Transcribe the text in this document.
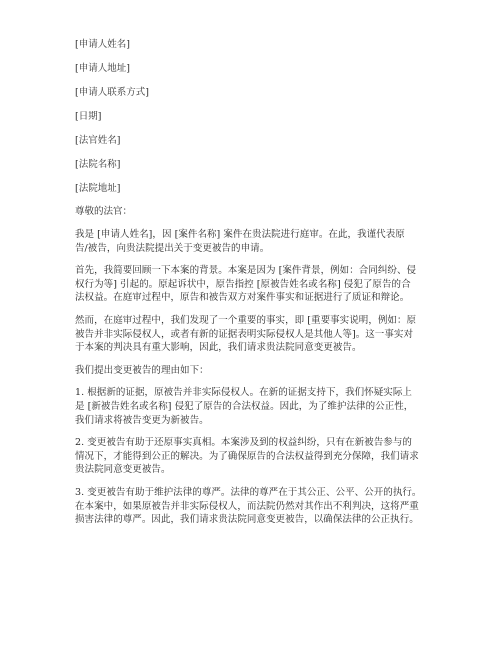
[申请人姓名]
[申请人地址]
[申请人联系方式]
[日期]
[法官姓名]
[法院名称]
[法院地址]
尊敬的法官：
我是 [申请人姓名]，因 [案件名称] 案件在贵法院进行庭审。在此，我谨代表原
告/被告，向贵法院提出关于变更被告的申请。
首先，我简要回顾一下本案的背景。本案是因为 [案件背景，例如：合同纠纷、侵
权行为等] 引起的。原起诉状中，原告指控 [原被告姓名或名称] 侵犯了原告的合
法权益。在庭审过程中，原告和被告双方对案件事实和证据进行了质证和辩论。
然而，在庭审过程中，我们发现了一个重要的事实，即 [重要事实说明，例如：原
被告并非实际侵权人，或者有新的证据表明实际侵权人是其他人等]。这一事实对
于本案的判决具有重大影响，因此，我们请求贵法院同意变更被告。
我们提出变更被告的理由如下：
1. 根据新的证据，原被告并非实际侵权人。在新的证据支持下，我们怀疑实际上
是 [新被告姓名或名称] 侵犯了原告的合法权益。因此，为了维护法律的公正性，
我们请求将被告变更为新被告。
2. 变更被告有助于还原事实真相。本案涉及到的权益纠纷，只有在新被告参与的
情况下，才能得到公正的解决。为了确保原告的合法权益得到充分保障，我们请求
贵法院同意变更被告。
3. 变更被告有助于维护法律的尊严。法律的尊严在于其公正、公平、公开的执行。
在本案中，如果原被告并非实际侵权人，而法院仍然对其作出不利判决，这将严重
损害法律的尊严。因此，我们请求贵法院同意变更被告，以确保法律的公正执行。
